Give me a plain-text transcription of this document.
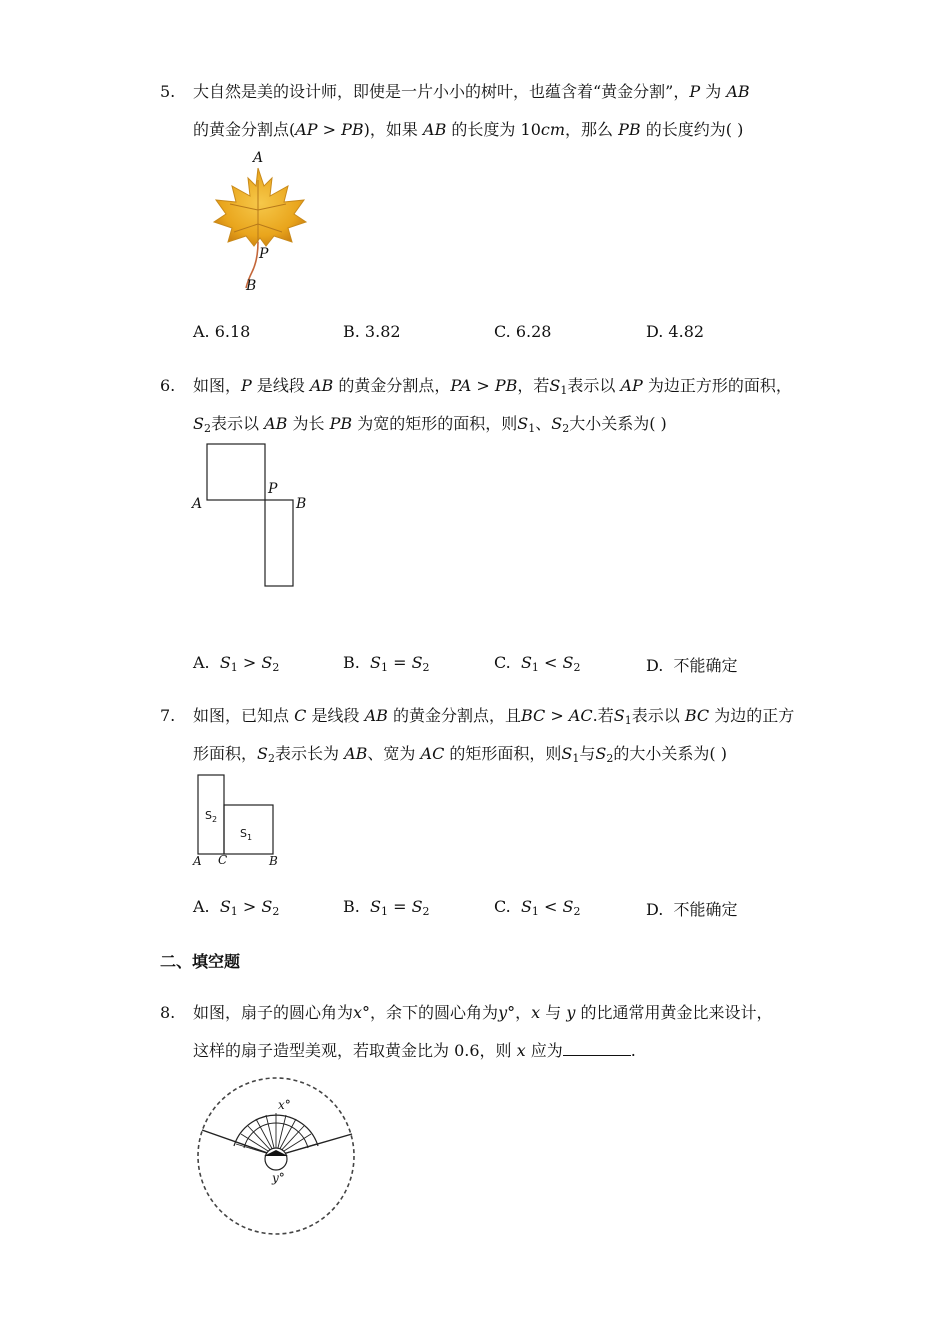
5. 大自然是美的设计师，即使是一片小小的树叶，也蕴含着“黄金分割”，P 为 AB
的黄金分割点(AP > PB)，如果 AB 的长度为 10cm，那么 PB 的长度约为( )
A
P
B
A. 6.18	B. 3.82	C. 6.28	D. 4.82
6. 如图，P 是线段 AB 的黄金分割点，PA > PB，若$S_1$表示以 AP 为边正方形的面积，
$S_2$表示以 AB 为长 PB 为宽的矩形的面积，则$S_1$、$S_2$大小关系为( )
A
P
B
A. $S_1 > S_2$	B. $S_1 = S_2$	C. $S_1 < S_2$	D. 不能确定
7. 如图，已知点 C 是线段 AB 的黄金分割点，且BC > AC.若$S_1$表示以 BC 为边的正方
形面积，$S_2$表示长为 AB、宽为 AC 的矩形面积，则$S_1$与$S_2$的大小关系为( )
$S_2$
$S_1$
A C	B
A. $S_1 > S_2$	B. $S_1 = S_2$	C. $S_1 < S_2$	D. 不能确定
二、填空题
8. 如图，扇子的圆心角为x°，余下的圆心角为y°，x 与 y 的比通常用黄金比来设计，
这样的扇子造型美观，若取黄金比为 0.6，则 x 应为	.
x°
y°
